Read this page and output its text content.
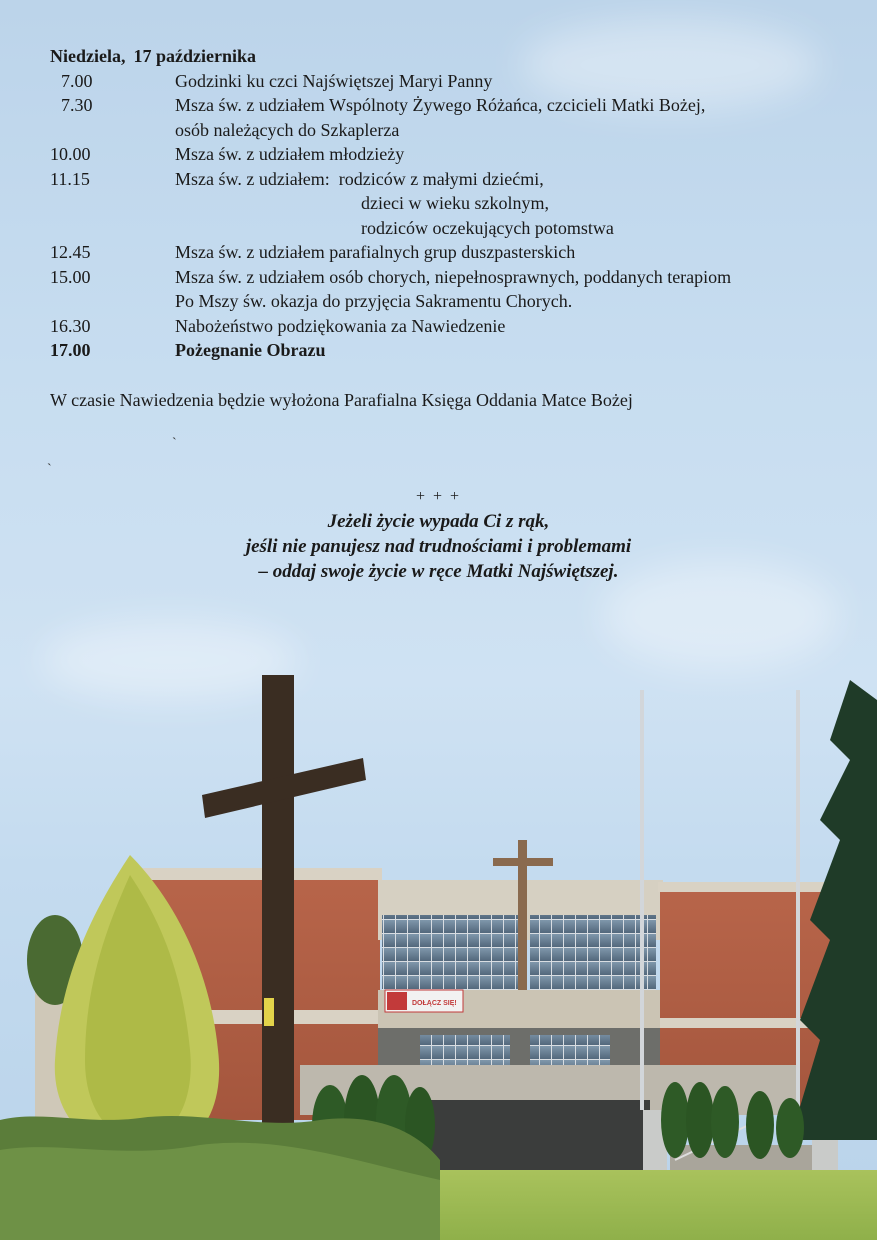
Niedziela, 17 października
7.00	Godzinki ku czci Najświętszej Maryi Panny
7.30	Msza św. z udziałem Wspólnoty Żywego Różańca, czcicieli Matki Bożej,
osób należących do Szkaplerza
10.00	Msza św. z udziałem młodzieży
11.15	Msza św. z udziałem:  rodziców z małymi dziećmi,
dzieci w wieku szkolnym,
rodziców oczekujących potomstwa
12.45	Msza św. z udziałem parafialnych grup duszpasterskich
15.00	Msza św. z udziałem osób chorych, niepełnosprawnych, poddanych terapiom
Po Mszy św. okazja do przyjęcia Sakramentu Chorych.
16.30	Nabożeństwo podziękowania za Nawiedzenie
17.00	Pożegnanie Obrazu
W czasie Nawiedzenia będzie wyłożona Parafialna Księga Oddania Matce Bożej
`
`
+ + +
Jeżeli życie wypada Ci z rąk,
jeśli nie panujesz nad trudnościami i problemami
– oddaj swoje życie w ręce Matki Najświętszej.
DOŁĄCZ SIĘ!
